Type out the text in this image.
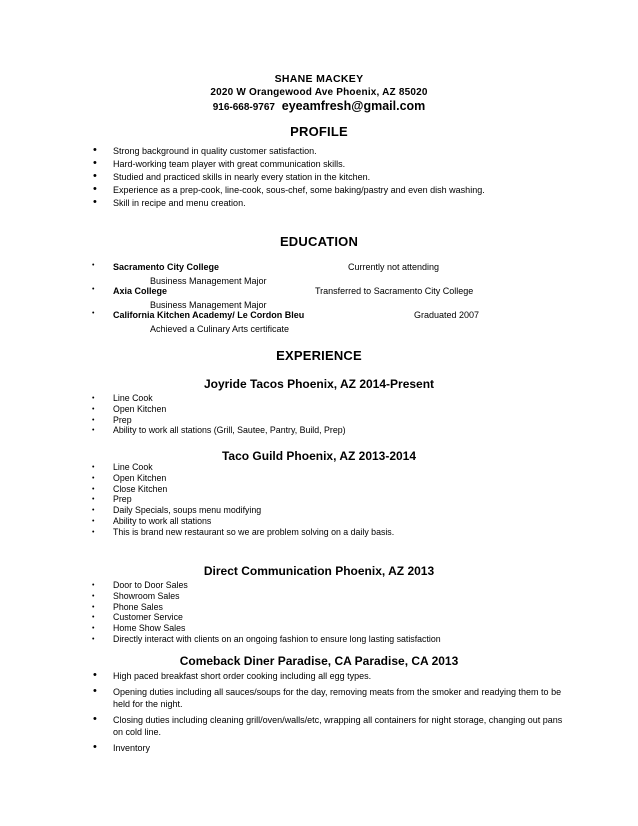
SHANE MACKEY
2020 W Orangewood Ave Phoenix, AZ 85020
916-668-9767 eyeamfresh@gmail.com
PROFILE
• Strong background in quality customer satisfaction.
• Hard-working team player with great communication skills.
• Studied and practiced skills in nearly every station in the kitchen.
• Experience as a prep-cook, line-cook, sous-chef, some baking/pastry and even dish washing.
• Skill in recipe and menu creation.
EDUCATION
• Sacramento City College	Currently not attending
Business Management Major
• Axia College	Transferred to Sacramento City College
Business Management Major
• California Kitchen Academy/ Le Cordon Bleu	Graduated 2007
Achieved a Culinary Arts certificate
EXPERIENCE
Joyride Tacos Phoenix, AZ 2014-Present
• Line Cook
• Open Kitchen
• Prep
• Ability to work all stations (Grill, Sautee, Pantry, Build, Prep)
Taco Guild Phoenix, AZ 2013-2014
• Line Cook
• Open Kitchen
• Close Kitchen
• Prep
• Daily Specials, soups menu modifying
• Ability to work all stations
• This is brand new restaurant so we are problem solving on a daily basis.
Direct Communication Phoenix, AZ 2013
• Door to Door Sales
• Showroom Sales
• Phone Sales
• Customer Service
• Home Show Sales
• Directly interact with clients on an ongoing fashion to ensure long lasting satisfaction
Comeback Diner Paradise, CA Paradise, CA 2013
• High paced breakfast short order cooking including all egg types.
• Opening duties including all sauces/soups for the day, removing meats from the smoker and readying them to be held for the night.
• Closing duties including cleaning grill/oven/walls/etc, wrapping all containers for night storage, changing out pans on cold line.
• Inventory
